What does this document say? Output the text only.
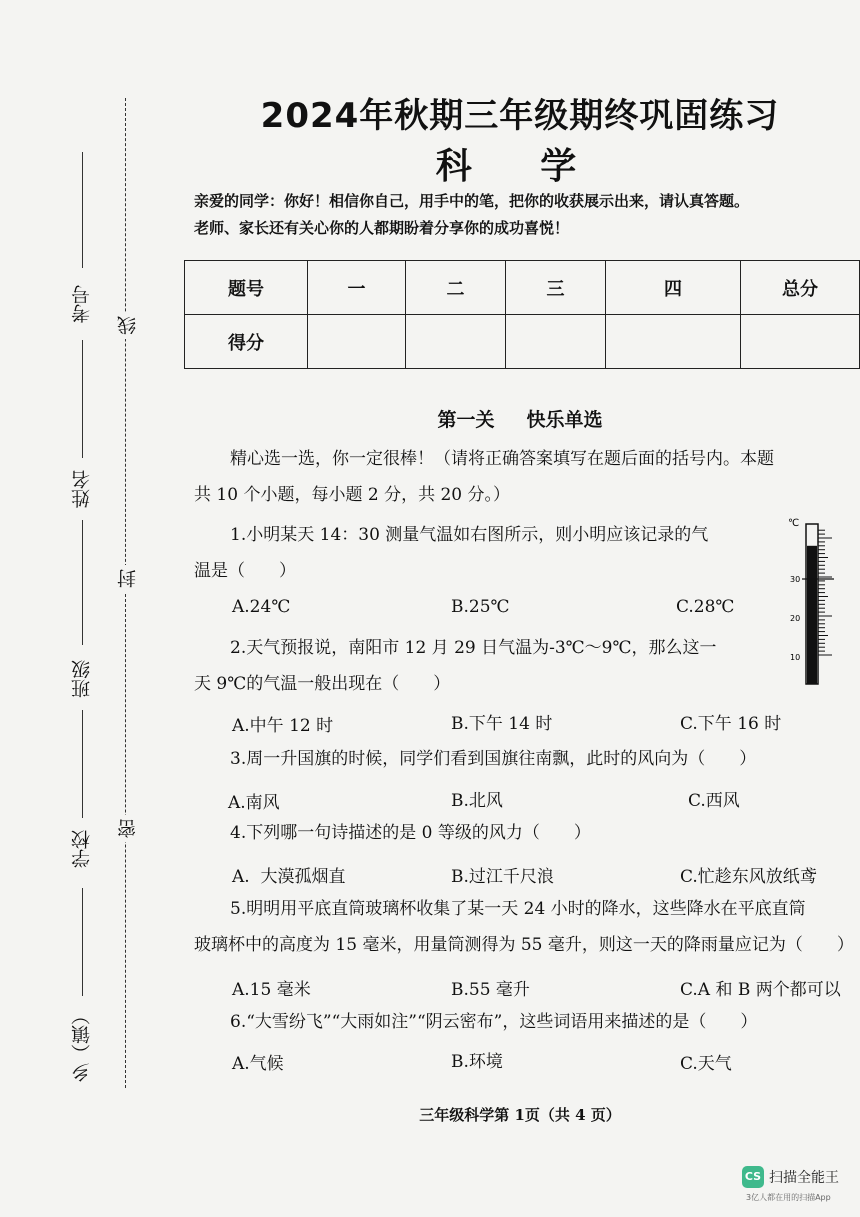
线
封
密
考号
姓名
班级
学校
乡（镇）
2024年秋期三年级期终巩固练习
科 学
亲爱的同学：你好！相信你自己，用手中的笔，把你的收获展示出来，请认真答题。
老师、家长还有关心你的人都期盼着分享你的成功喜悦！
题号	一	二	三	四	总分
得分					
第一关 快乐单选
精心选一选，你一定很棒！（请将正确答案填写在题后面的括号内。本题
共 10 个小题，每小题 2 分，共 20 分。）
1.小明某天 14：30 测量气温如右图所示，则小明应该记录的气
温是（　　）
A.24℃	B.25℃	C.28℃
℃
30
20
10
2.天气预报说，南阳市 12 月 29 日气温为-3℃～9℃，那么这一
天 9℃的气温一般出现在（　　）
A.中午 12 时	B.下午 14 时	C.下午 16 时
3.周一升国旗的时候，同学们看到国旗往南飘，此时的风向为（　　）
A.南风	B.北风	C.西风
4.下列哪一句诗描述的是 0 等级的风力（　　）
A.  大漠孤烟直	B.过江千尺浪	C.忙趁东风放纸鸢
5.明明用平底直筒玻璃杯收集了某一天 24 小时的降水，这些降水在平底直筒
玻璃杯中的高度为 15 毫米，用量筒测得为 55 毫升，则这一天的降雨量应记为（　　）
A.15 毫米	B.55 毫升	C.A 和 B 两个都可以
6.“大雪纷飞”“大雨如注”“阴云密布”，这些词语用来描述的是（　　）
A.气候	B.环境	C.天气
三年级科学第 1页（共 4 页）
CS 扫描全能王
3亿人都在用的扫描App
